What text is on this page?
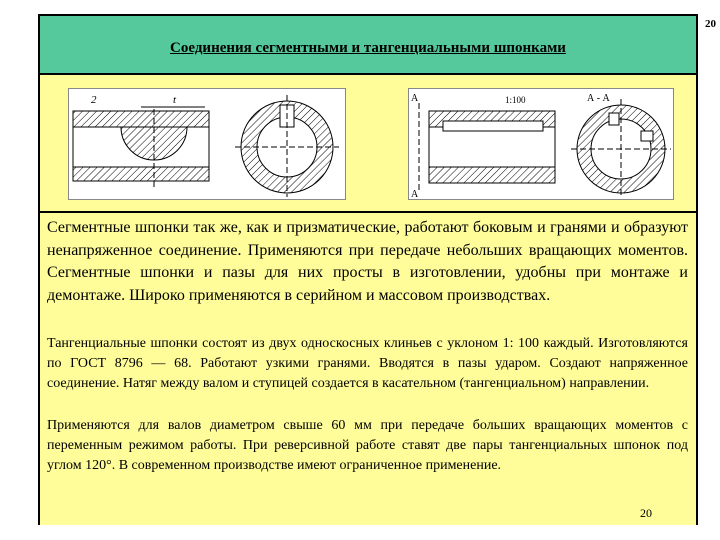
20
Соединения сегментными и тангенциальными шпонками
2	t	А
А
1:100	А - А

Сегментные шпонки так же, как и призматические, работают боковым и гранями и образуют ненапряженное соединение. Применяются при передаче небольших вращающих моментов. Сегментные шпонки и пазы для них просты в изготовлении, удобны при монтаже и демонтаже. Широко применяются в серийном и массовом производствах.

Тангенциальные шпонки состоят из двух односкосных клиньев с уклоном 1: 100 каждый. Изготовляются по ГОСТ 8796 — 68. Работают узкими гранями. Вводятся в пазы ударом. Создают напряженное соединение. Натяг между валом и ступицей создается в касательном (тангенциальном) направлении.

Применяются для валов диаметром свыше 60 мм при передаче больших вращающих моментов с переменным режимом работы. При реверсивной работе ставят две пары тангенциальных шпонок под углом 120°. В современном производстве имеют ограниченное применение.

20
